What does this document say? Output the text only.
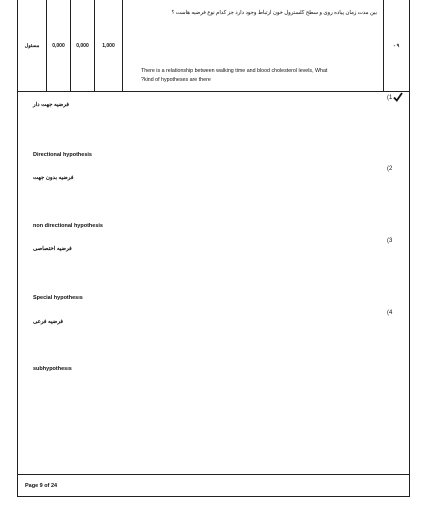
مسئول	0,000	0,000	1,000
بین مدت زمان پیاده روی و سطح کلسترول خون ارتباط وجود دارد جز کدام نوع فرضیه هاست ؟
There is a relationship between walking time and blood cholesterol levels, What
?kind of hypotheses are there
- ۹
(1
فرضیه جهت دار
Directional hypothesis
(2
فرضیه بدون جهت
non directional hypothesis
(3
فرضیه اختصاصی
Special hypothesıs
(4
فرضیه فرعی
subhypothesıs
Page 9 of 24
